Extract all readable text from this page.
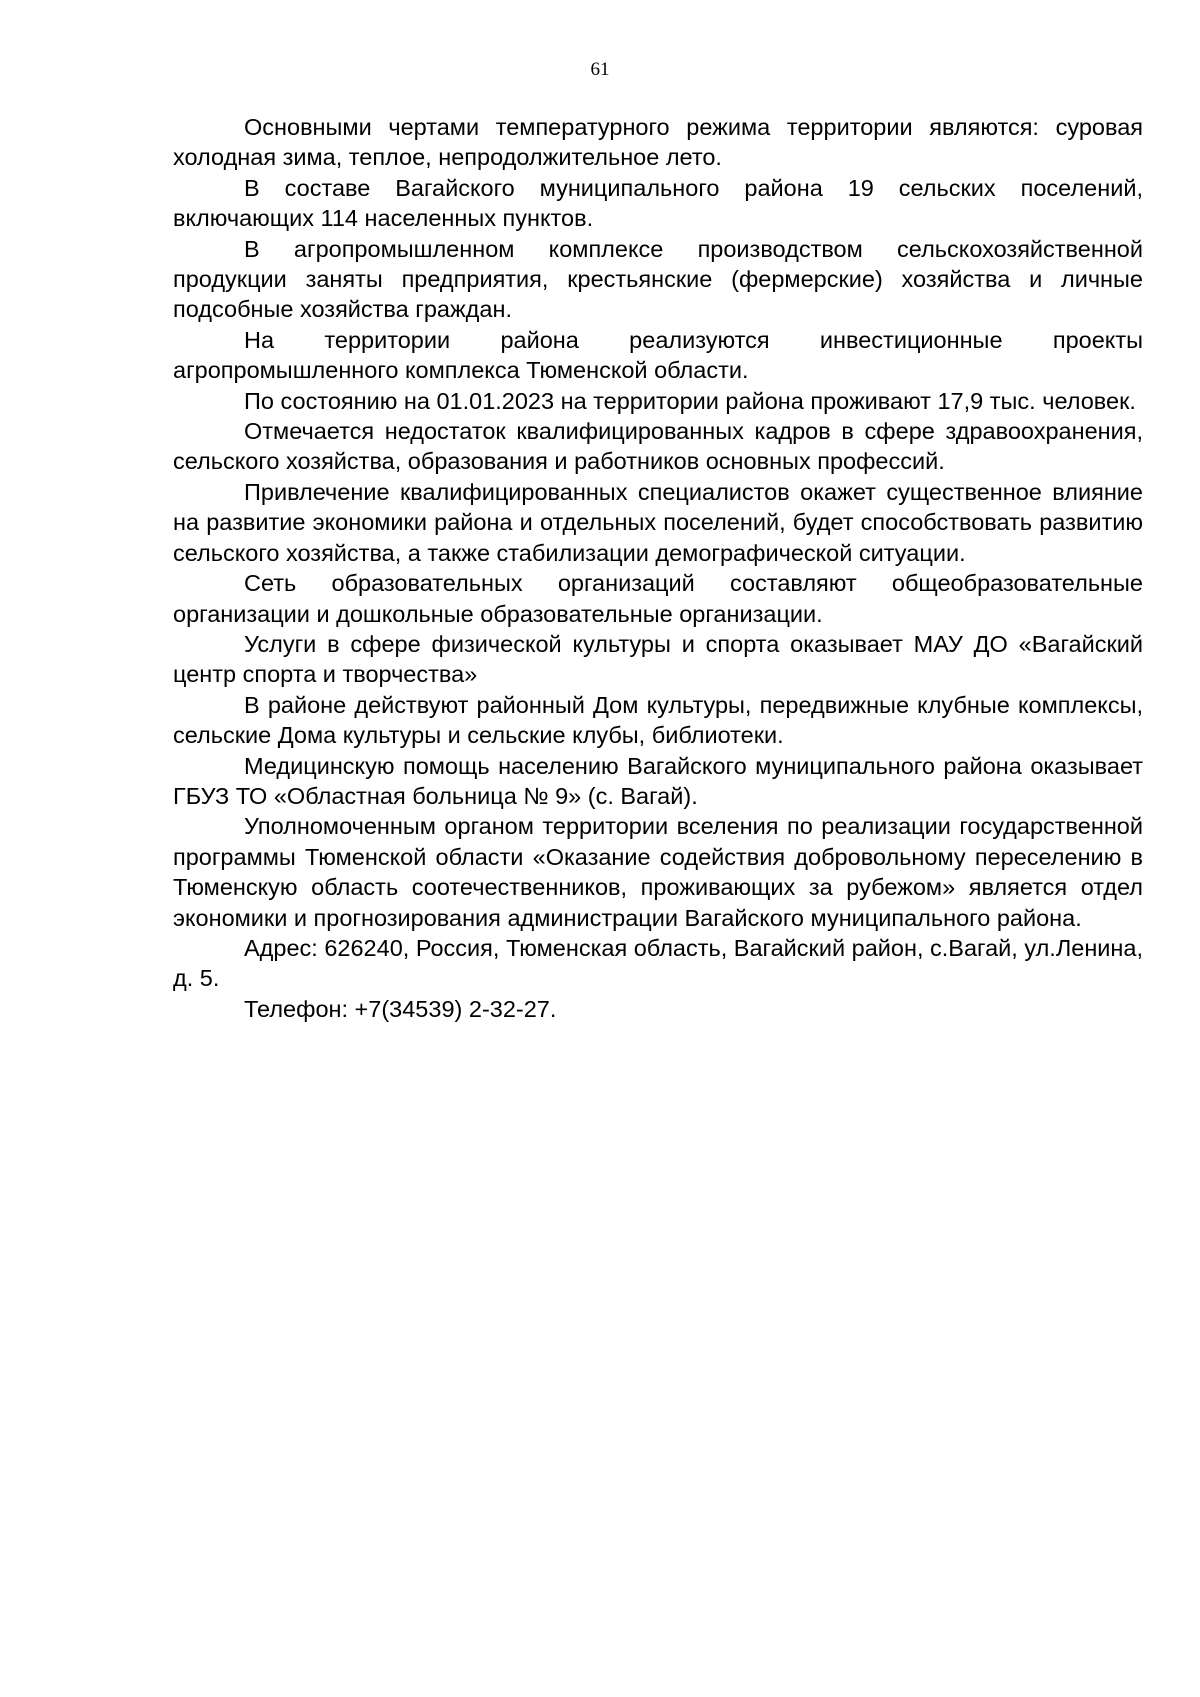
61

Основными чертами температурного режима территории являются: суровая холодная зима, теплое, непродолжительное лето.

В составе Вагайского муниципального района 19 сельских поселений, включающих 114 населенных пунктов.

В агропромышленном комплексе производством сельскохозяйственной продукции заняты предприятия, крестьянские (фермерские) хозяйства и личные подсобные хозяйства граждан.

На территории района реализуются инвестиционные проекты агропромышленного комплекса Тюменской области.

По состоянию на 01.01.2023 на территории района проживают 17,9 тыс. человек.

Отмечается недостаток квалифицированных кадров в сфере здравоохранения, сельского хозяйства, образования и работников основных профессий.

Привлечение квалифицированных специалистов окажет существенное влияние на развитие экономики района и отдельных поселений, будет способствовать развитию сельского хозяйства, а также стабилизации демографической ситуации.

Сеть образовательных организаций составляют общеобразовательные организации и дошкольные образовательные организации.

Услуги в сфере физической культуры и спорта оказывает МАУ ДО «Вагайский центр спорта и творчества»

В районе действуют районный Дом культуры, передвижные клубные комплексы, сельские Дома культуры и сельские клубы, библиотеки.

Медицинскую помощь населению Вагайского муниципального района оказывает ГБУЗ ТО «Областная больница № 9» (с. Вагай).

Уполномоченным органом территории вселения по реализации государственной программы Тюменской области «Оказание содействия добровольному переселению в Тюменскую область соотечественников, проживающих за рубежом» является отдел экономики и прогнозирования администрации Вагайского муниципального района.

Адрес: 626240, Россия, Тюменская область, Вагайский район, с.Вагай, ул.Ленина, д. 5.

Телефон: +7(34539) 2-32-27.
